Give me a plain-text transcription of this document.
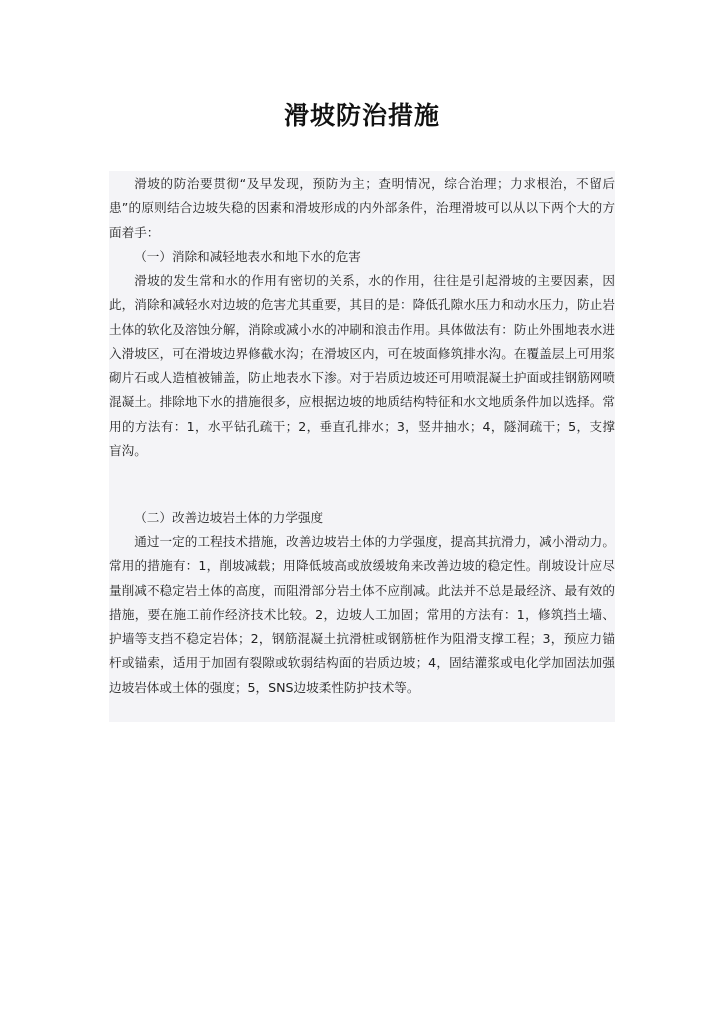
滑坡防治措施

滑坡的防治要贯彻“及早发现，预防为主；查明情况，综合治理；力求根治，不留后患”的原则结合边坡失稳的因素和滑坡形成的内外部条件，治理滑坡可以从以下两个大的方面着手：

（一）消除和减轻地表水和地下水的危害

滑坡的发生常和水的作用有密切的关系，水的作用，往往是引起滑坡的主要因素，因此，消除和减轻水对边坡的危害尤其重要，其目的是：降低孔隙水压力和动水压力，防止岩土体的软化及溶蚀分解，消除或减小水的冲刷和浪击作用。具体做法有：防止外围地表水进入滑坡区，可在滑坡边界修截水沟；在滑坡区内，可在坡面修筑排水沟。在覆盖层上可用浆砌片石或人造植被铺盖，防止地表水下渗。对于岩质边坡还可用喷混凝土护面或挂钢筋网喷混凝土。排除地下水的措施很多，应根据边坡的地质结构特征和水文地质条件加以选择。常用的方法有：1，水平钻孔疏干；2，垂直孔排水；3，竖井抽水；4，隧洞疏干；5，支撑盲沟。

（二）改善边坡岩土体的力学强度

通过一定的工程技术措施，改善边坡岩土体的力学强度，提高其抗滑力，减小滑动力。常用的措施有：1，削坡减载；用降低坡高或放缓坡角来改善边坡的稳定性。削坡设计应尽量削减不稳定岩土体的高度，而阻滑部分岩土体不应削减。此法并不总是最经济、最有效的措施，要在施工前作经济技术比较。2，边坡人工加固；常用的方法有：1，修筑挡土墙、护墙等支挡不稳定岩体；2，钢筋混凝土抗滑桩或钢筋桩作为阻滑支撑工程；3，预应力锚杆或锚索，适用于加固有裂隙或软弱结构面的岩质边坡；4，固结灌浆或电化学加固法加强边坡岩体或土体的强度；5，SNS边坡柔性防护技术等。
